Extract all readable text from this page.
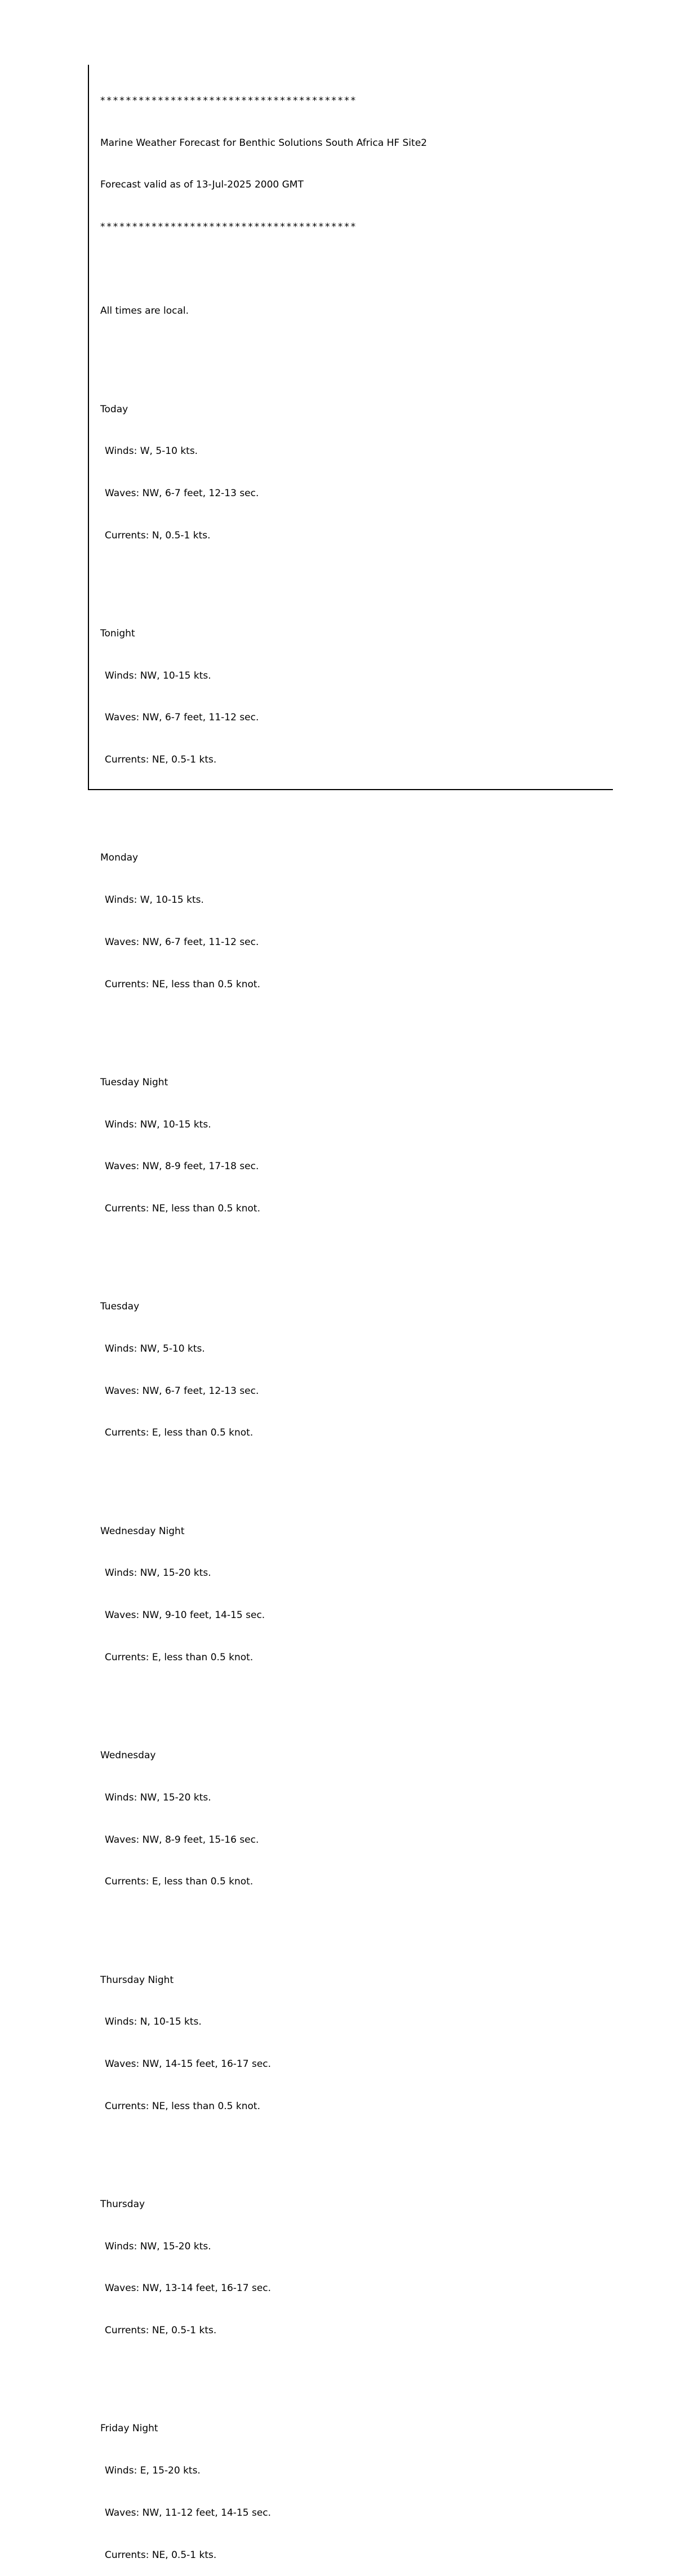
****************************************

Marine Weather Forecast for Benthic Solutions South Africa HF Site2

Forecast valid as of 13-Jul-2025 2000 GMT

****************************************

All times are local.

Today

Winds: W, 5-10 kts.

Waves: NW, 6-7 feet, 12-13 sec.

Currents: N, 0.5-1 kts.

Tonight

Winds: NW, 10-15 kts.

Waves: NW, 6-7 feet, 11-12 sec.

Currents: NE, 0.5-1 kts.

Monday

Winds: W, 10-15 kts.

Waves: NW, 6-7 feet, 11-12 sec.

Currents: NE, less than 0.5 knot.

Tuesday Night

Winds: NW, 10-15 kts.

Waves: NW, 8-9 feet, 17-18 sec.

Currents: NE, less than 0.5 knot.

Tuesday

Winds: NW, 5-10 kts.

Waves: NW, 6-7 feet, 12-13 sec.

Currents: E, less than 0.5 knot.

Wednesday Night

Winds: NW, 15-20 kts.

Waves: NW, 9-10 feet, 14-15 sec.

Currents: E, less than 0.5 knot.

Wednesday

Winds: NW, 15-20 kts.

Waves: NW, 8-9 feet, 15-16 sec.

Currents: E, less than 0.5 knot.

Thursday Night

Winds: N, 10-15 kts.

Waves: NW, 14-15 feet, 16-17 sec.

Currents: NE, less than 0.5 knot.

Thursday

Winds: NW, 15-20 kts.

Waves: NW, 13-14 feet, 16-17 sec.

Currents: NE, 0.5-1 kts.

Friday Night

Winds: E, 15-20 kts.

Waves: NW, 11-12 feet, 14-15 sec.

Currents: NE, 0.5-1 kts.
